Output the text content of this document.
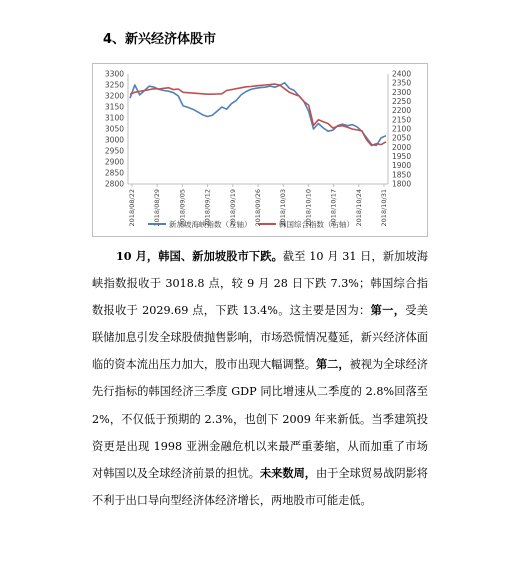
4、新兴经济体股市
3300
3250
3200
3150
3100
3050
3000
2950
2900
2850
2800
2400
2350
2300
2250
2200
2150
2100
2050
2000
1950
1900
1850
1800
2018/08/22	2018/08/29	2018/09/05	2018/09/12	2018/09/19	2018/09/26	2018/10/03	2018/10/10	2018/10/17	2018/10/24	2018/10/31
新加坡海峡指数（左轴）	韩国综合指数（右轴）

10 月，韩国、新加坡股市下跌。截至 10 月 31 日，新加坡海峡指数报收于 3018.8 点，较 9 月 28 日下跌 7.3%；韩国综合指数报收于 2029.69 点，下跌 13.4%。这主要是因为：第一，受美联储加息引发全球股债抛售影响，市场恐慌情况蔓延，新兴经济体面临的资本流出压力加大，股市出现大幅调整。第二，被视为全球经济先行指标的韩国经济三季度 GDP 同比增速从二季度的 2.8%回落至 2%，不仅低于预期的 2.3%，也创下 2009 年来新低。当季建筑投资更是出现 1998 亚洲金融危机以来最严重萎缩，从而加重了市场对韩国以及全球经济前景的担忧。未来数周，由于全球贸易战阴影将不利于出口导向型经济体经济增长，两地股市可能走低。
